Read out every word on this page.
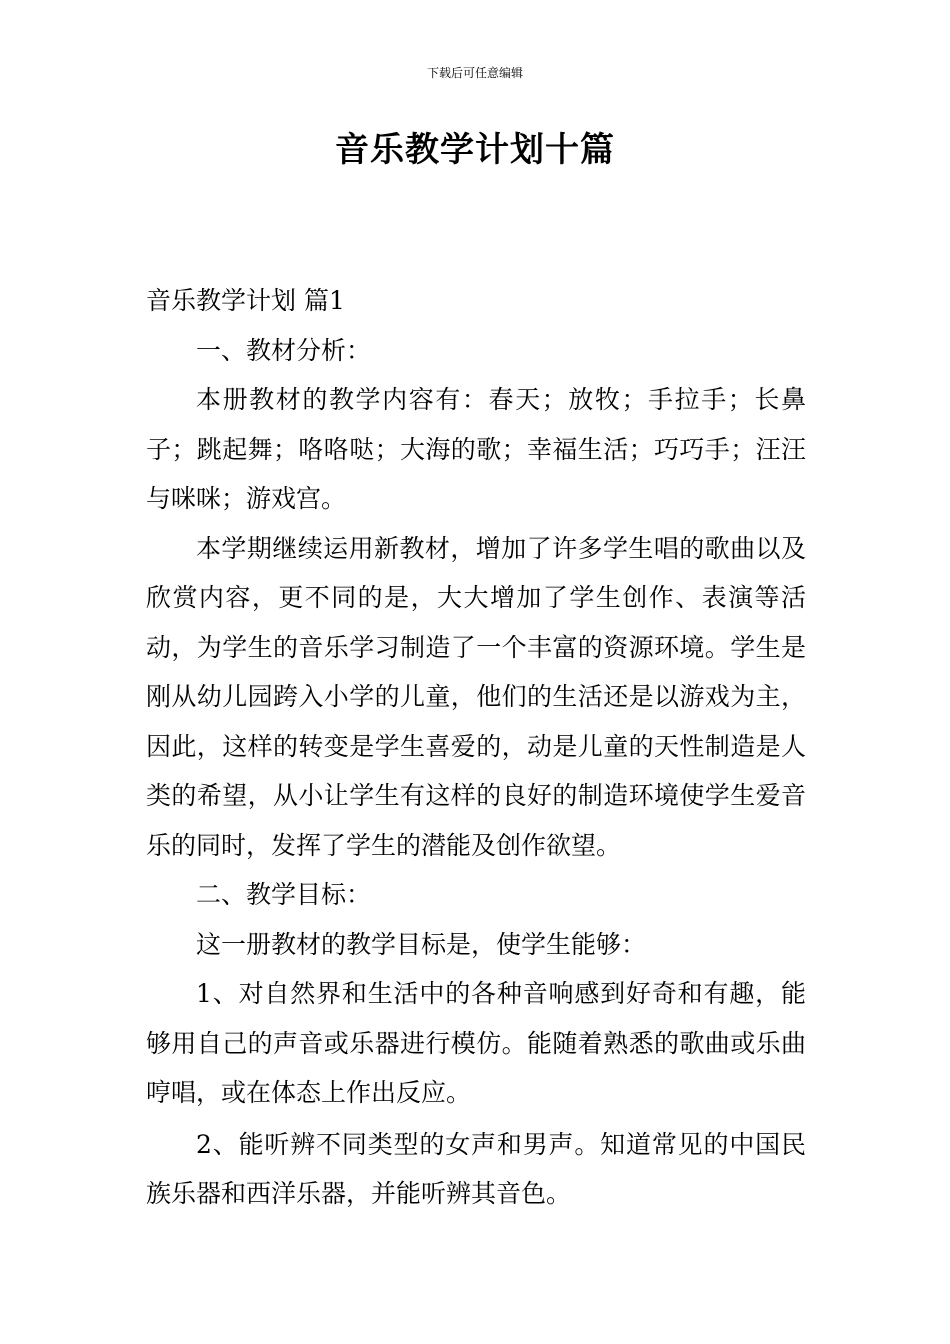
下载后可任意编辑
音乐教学计划十篇

音乐教学计划 篇1

一、教材分析：

本册教材的教学内容有：春天；放牧；手拉手；长鼻子；跳起舞；咯咯哒；大海的歌；幸福生活；巧巧手；汪汪与咪咪；游戏宫。

本学期继续运用新教材，增加了许多学生唱的歌曲以及欣赏内容，更不同的是，大大增加了学生创作、表演等活动，为学生的音乐学习制造了一个丰富的资源环境。学生是刚从幼儿园跨入小学的儿童，他们的生活还是以游戏为主，因此，这样的转变是学生喜爱的，动是儿童的天性制造是人类的希望，从小让学生有这样的良好的制造环境使学生爱音乐的同时，发挥了学生的潜能及创作欲望。

二、教学目标：

这一册教材的教学目标是，使学生能够：

1、对自然界和生活中的各种音响感到好奇和有趣，能够用自己的声音或乐器进行模仿。能随着熟悉的歌曲或乐曲哼唱，或在体态上作出反应。

2、能听辨不同类型的女声和男声。知道常见的中国民族乐器和西洋乐器，并能听辨其音色。
